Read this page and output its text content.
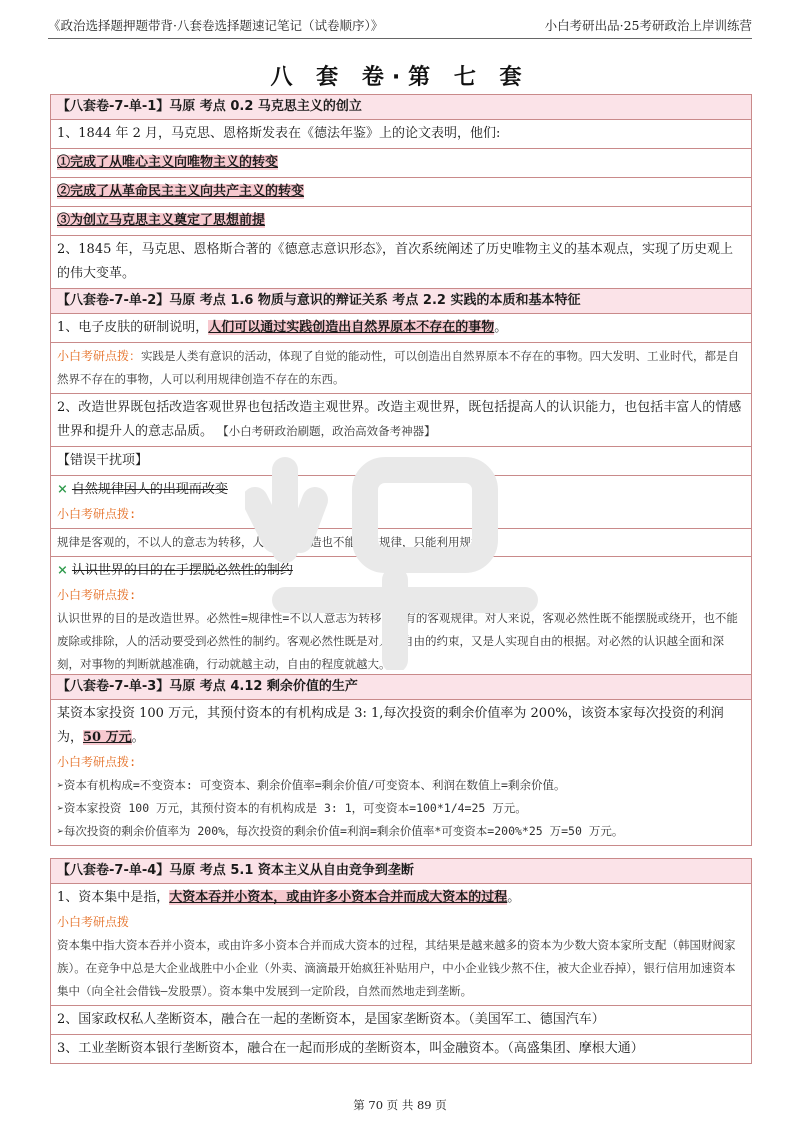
《政治选择题押题带背·八套卷选择题速记笔记（试卷顺序）》	小白考研出品·25考研政治上岸训练营
八 套 卷·第 七 套
【八套卷-7-单-1】马原 考点 0.2 马克思主义的创立
1、1844 年 2 月，马克思、恩格斯发表在《德法年鉴》上的论文表明，他们:
①完成了从唯心主义向唯物主义的转变
②完成了从革命民主主义向共产主义的转变
③为创立马克思主义奠定了思想前提
2、1845 年，马克思、恩格斯合著的《德意志意识形态》，首次系统阐述了历史唯物主义的基本观点，实现了历史观上的伟大变革。
【八套卷-7-单-2】马原 考点 1.6 物质与意识的辩证关系 考点 2.2 实践的本质和基本特征
1、电子皮肤的研制说明，人们可以通过实践创造出自然界原本不存在的事物。
小白考研点拨：实践是人类有意识的活动，体现了自觉的能动性，可以创造出自然界原本不存在的事物。四大发明、工业时代，都是自然界不存在的事物，人可以利用规律创造不存在的东西。
2、改造世界既包括改造客观世界也包括改造主观世界。改造主观世界，既包括提高人的认识能力，也包括丰富人的情感世界和提升人的意志品质。 【小白考研政治刷题，政治高效备考神器】
【错误干扰项】
× 自然规律因人的出现而改变
小白考研点拨:
规律是客观的，不以人的意志为转移，人既不能创造也不能改变规律，只能利用规律。
× 认识世界的目的在于摆脱必然性的制约
小白考研点拨:
认识世界的目的是改造世界。必然性=规律性=不以人意志为转移的固有的客观规律。对人来说，客观必然性既不能摆脱或绕开，也不能废除或排除，人的活动要受到必然性的制约。客观必然性既是对人的自由的约束，又是人实现自由的根据。对必然的认识越全面和深刻，对事物的判断就越准确，行动就越主动，自由的程度就越大。
【八套卷-7-单-3】马原 考点 4.12 剩余价值的生产
某资本家投资 100 万元，其预付资本的有机构成是 3: 1,每次投资的剩余价值率为 200%，该资本家每次投资的利润为，50 万元。
小白考研点拨:
➢资本有机构成=不变资本: 可变资本、剩余价值率=剩余价值/可变资本、利润在数值上=剩余价值。
➢资本家投资 100 万元，其预付资本的有机构成是 3: 1，可变资本=100*1/4=25 万元。
➢每次投资的剩余价值率为 200%，每次投资的剩余价值=利润=剩余价值率*可变资本=200%*25 万=50 万元。
【八套卷-7-单-4】马原 考点 5.1 资本主义从自由竞争到垄断
1、资本集中是指，大资本吞并小资本，或由许多小资本合并而成大资本的过程。
小白考研点拨
资本集中指大资本吞并小资本，或由许多小资本合并而成大资本的过程，其结果是越来越多的资本为少数大资本家所支配（韩国财阀家族）。在竞争中总是大企业战胜中小企业（外卖、滴滴最开始疯狂补贴用户，中小企业钱少熬不住，被大企业吞掉），银行信用加速资本集中（向全社会借钱—发股票）。资本集中发展到一定阶段，自然而然地走到垄断。
2、国家政权私人垄断资本，融合在一起的垄断资本，是国家垄断资本。（美国军工、德国汽车）
3、工业垄断资本银行垄断资本，融合在一起而形成的垄断资本，叫金融资本。（高盛集团、摩根大通）
第 70 页 共 89 页
